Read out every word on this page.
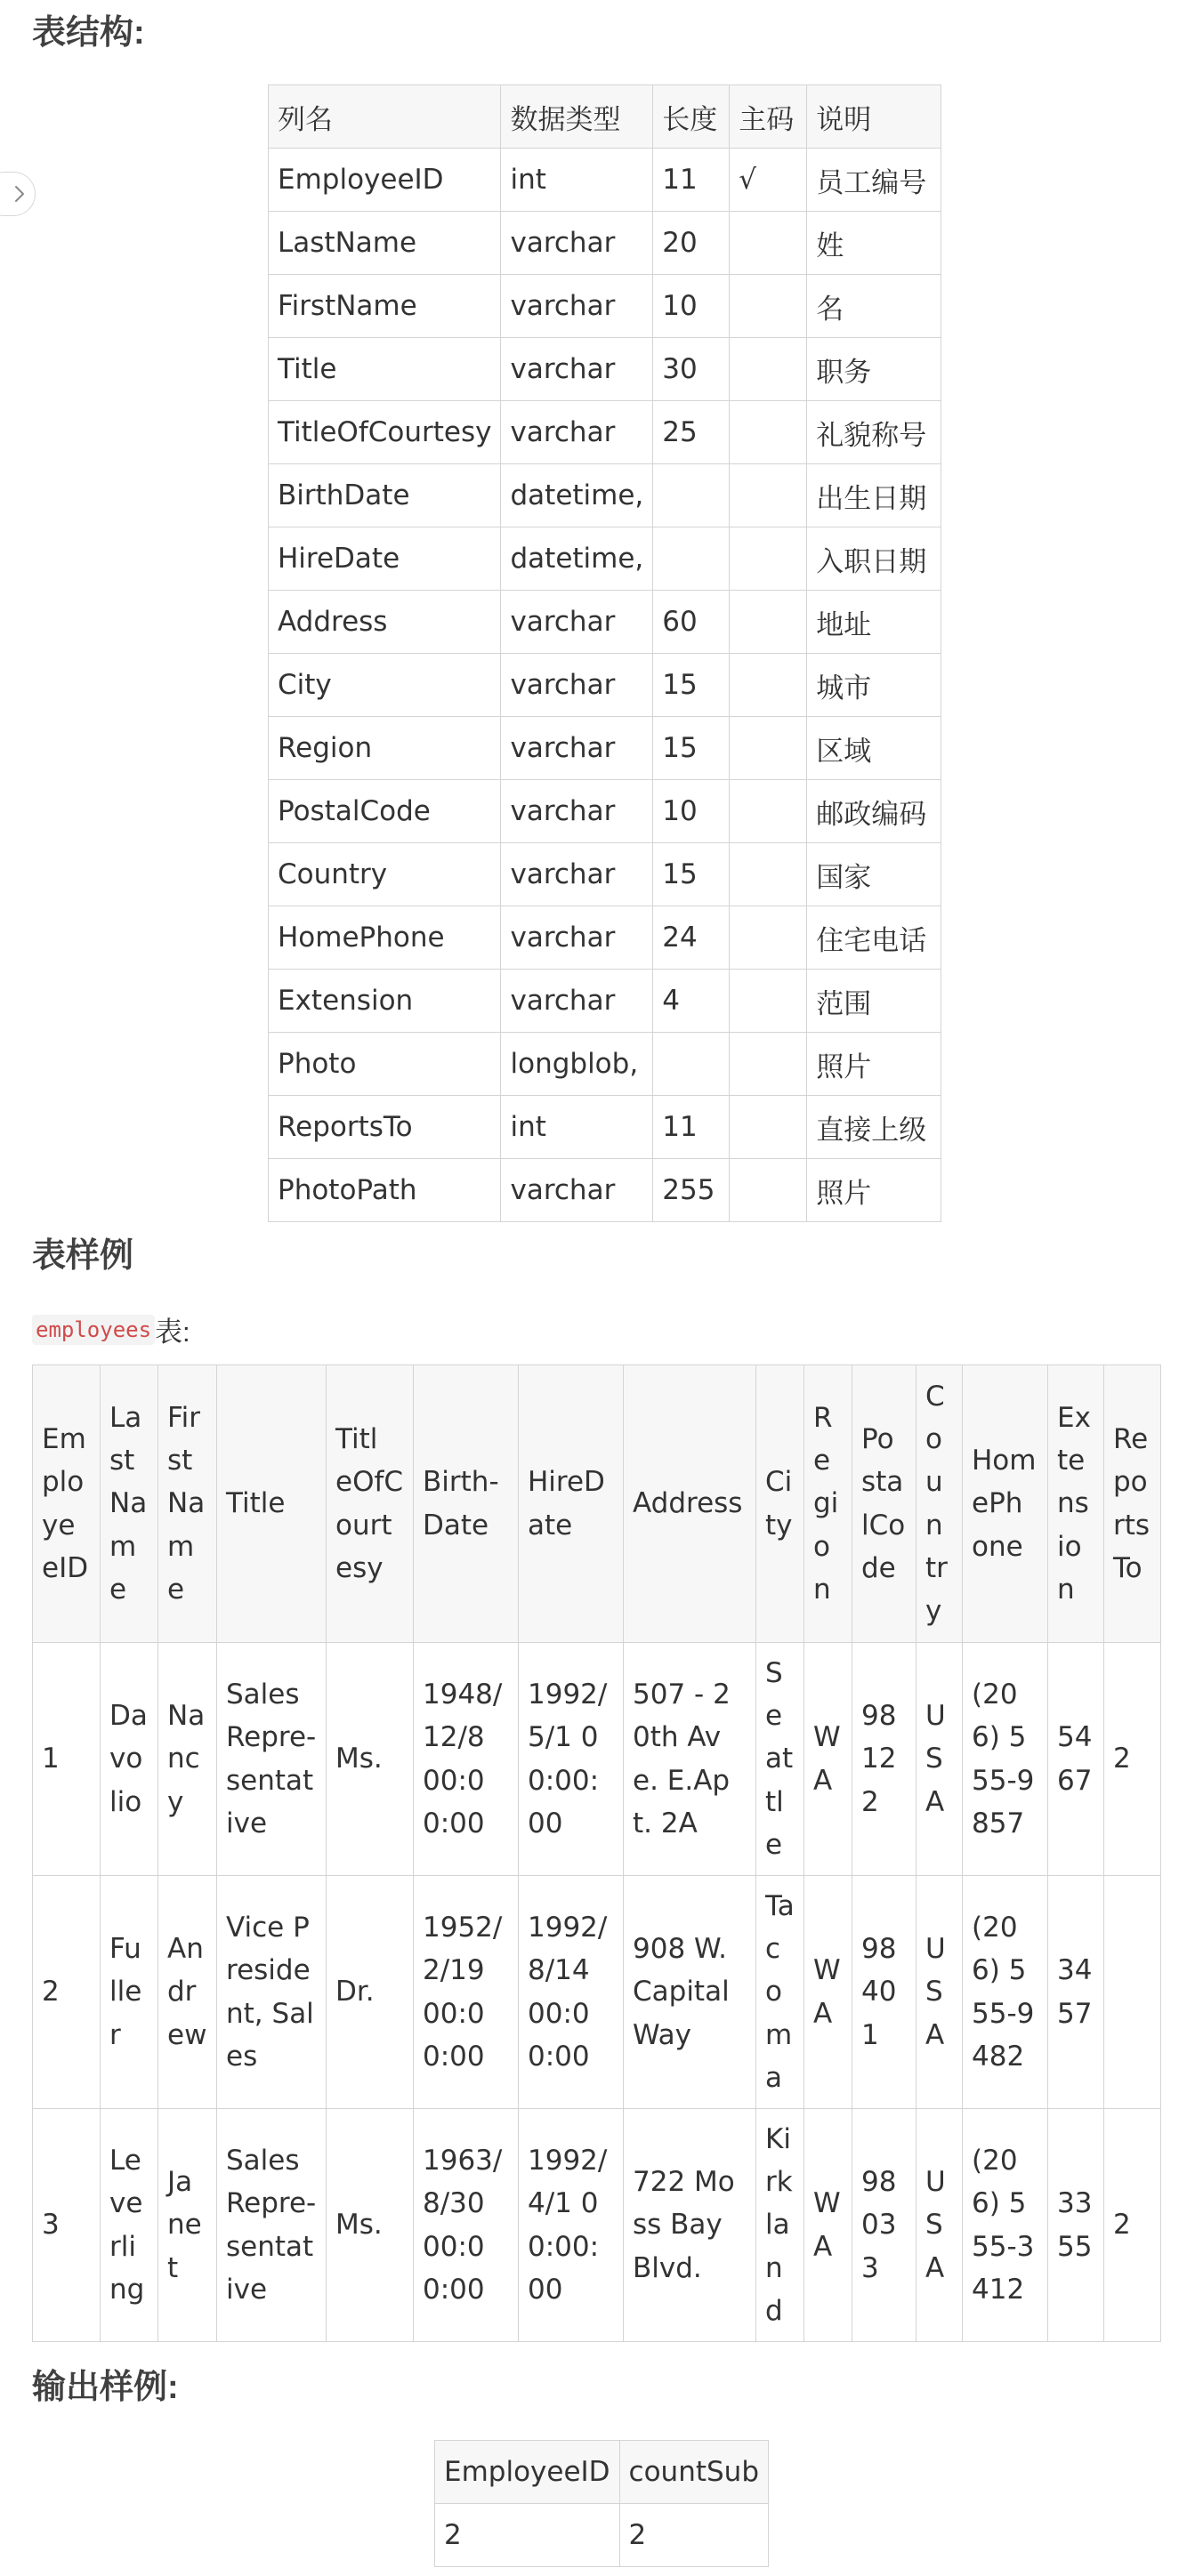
表结构:
列名	数据类型	长度	主码	说明
EmployeeID	int	11	√	员工编号
LastName	varchar	20		姓
FirstName	varchar	10		名
Title	varchar	30		职务
TitleOfCourtesy	varchar	25		礼貌称号
BirthDate	datetime,			出生日期
HireDate	datetime,			入职日期
Address	varchar	60		地址
City	varchar	15		城市
Region	varchar	15		区域
PostalCode	varchar	10		邮政编码
Country	varchar	15		国家
HomePhone	varchar	24		住宅电话
Extension	varchar	4		范围
Photo	longblob,			照片
ReportsTo	int	11		直接上级
PhotoPath	varchar	255		照片
表样例
employees 表:
EmployeeID	LastName	FirstName	Title	TitleOfCourtesy	BirthDate	HireDate	Address	City	Region	PostalCode	Country	HomePhone	Extension	ReportsTo
1	Davolio	Nancy	Sales Representative	Ms.	1948/​12/8 00:00:​00	1992/​5/1 00:00:​00	507 - 20th Ave. E.Apt. 2A	Seattle	WA	98122	USA	(206) 555-9857	5467	2
2	Fuller	Andrew	Vice President, Sales	Dr.	1952/​2/19 00:00:​00	1992/​8/14 00:00:​00	908 W. Capital Way	Tacoma	WA	98401	USA	(206) 555-9482	3457	
3	Leverling	Janet	Sales Representative	Ms.	1963/​8/30 00:00:​00	1992/​4/1 00:00:​00	722 Moss Bay Blvd.	Kirkland	WA	98033	USA	(206) 555-3412	3355	2
输出样例:
EmployeeID	countSub
2	2
